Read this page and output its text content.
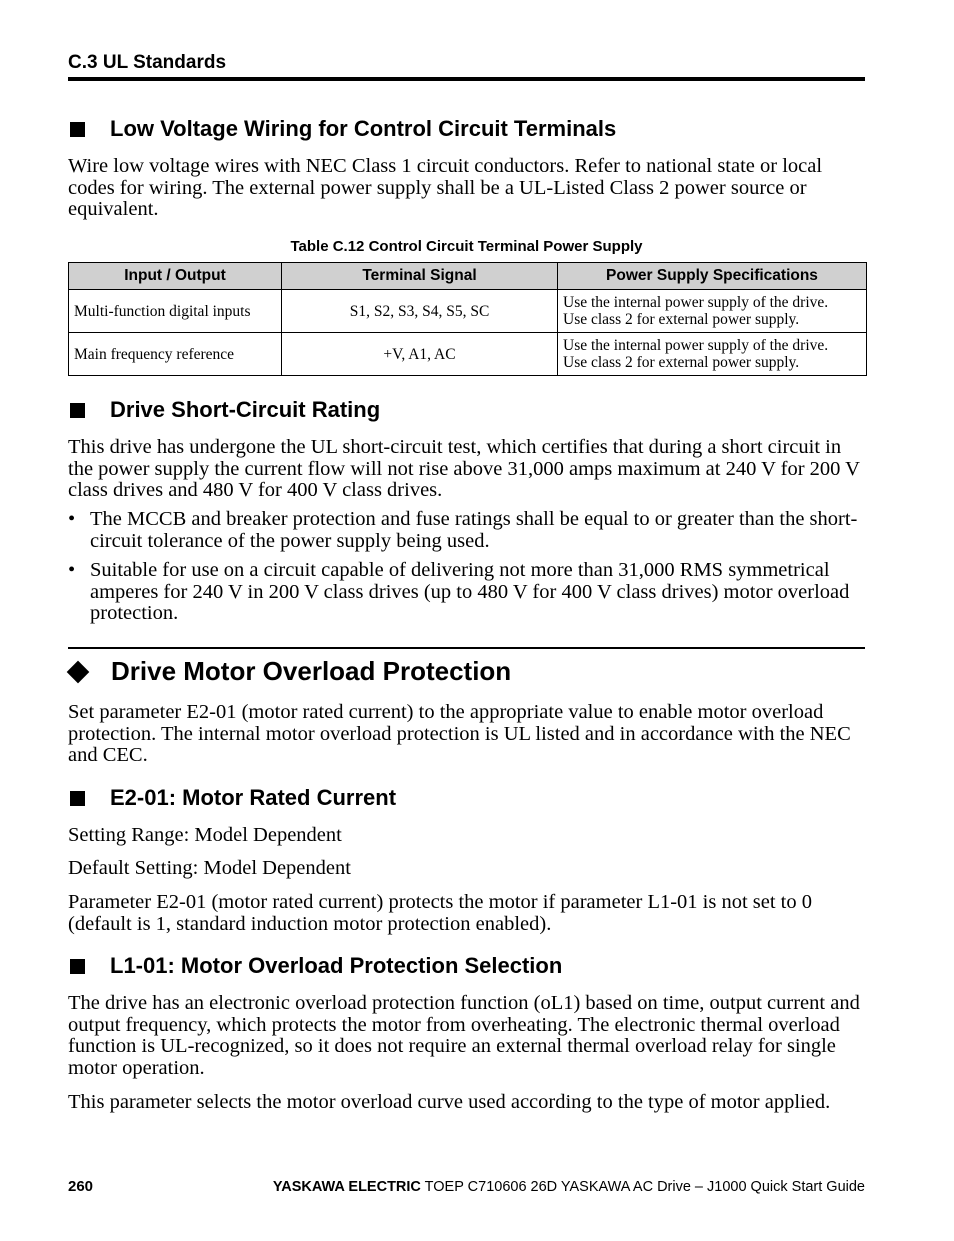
C.3 UL Standards
Low Voltage Wiring for Control Circuit Terminals
Wire low voltage wires with NEC Class 1 circuit conductors. Refer to national state or local codes for wiring. The external power supply shall be a UL-Listed Class 2 power source or equivalent.
Table C.12 Control Circuit Terminal Power Supply
Input / Output	Terminal Signal	Power Supply Specifications
Multi-function digital inputs	S1, S2, S3, S4, S5, SC	Use the internal power supply of the drive.
Use class 2 for external power supply.
Main frequency reference	+V, A1, AC	Use the internal power supply of the drive.
Use class 2 for external power supply.
Drive Short-Circuit Rating
This drive has undergone the UL short-circuit test, which certifies that during a short circuit in the power supply the current flow will not rise above 31,000 amps maximum at 240 V for 200 V class drives and 480 V for 400 V class drives.
• The MCCB and breaker protection and fuse ratings shall be equal to or greater than the short-circuit tolerance of the power supply being used.
• Suitable for use on a circuit capable of delivering not more than 31,000 RMS symmetrical amperes for 240 V in 200 V class drives (up to 480 V for 400 V class drives) motor overload protection.
Drive Motor Overload Protection
Set parameter E2-01 (motor rated current) to the appropriate value to enable motor overload protection. The internal motor overload protection is UL listed and in accordance with the NEC and CEC.
E2-01: Motor Rated Current
Setting Range: Model Dependent
Default Setting: Model Dependent
Parameter E2-01 (motor rated current) protects the motor if parameter L1-01 is not set to 0 (default is 1, standard induction motor protection enabled).
L1-01: Motor Overload Protection Selection
The drive has an electronic overload protection function (oL1) based on time, output current and output frequency, which protects the motor from overheating. The electronic thermal overload function is UL-recognized, so it does not require an external thermal overload relay for single motor operation.
This parameter selects the motor overload curve used according to the type of motor applied.
260	YASKAWA ELECTRIC TOEP C710606 26D YASKAWA AC Drive – J1000 Quick Start Guide
